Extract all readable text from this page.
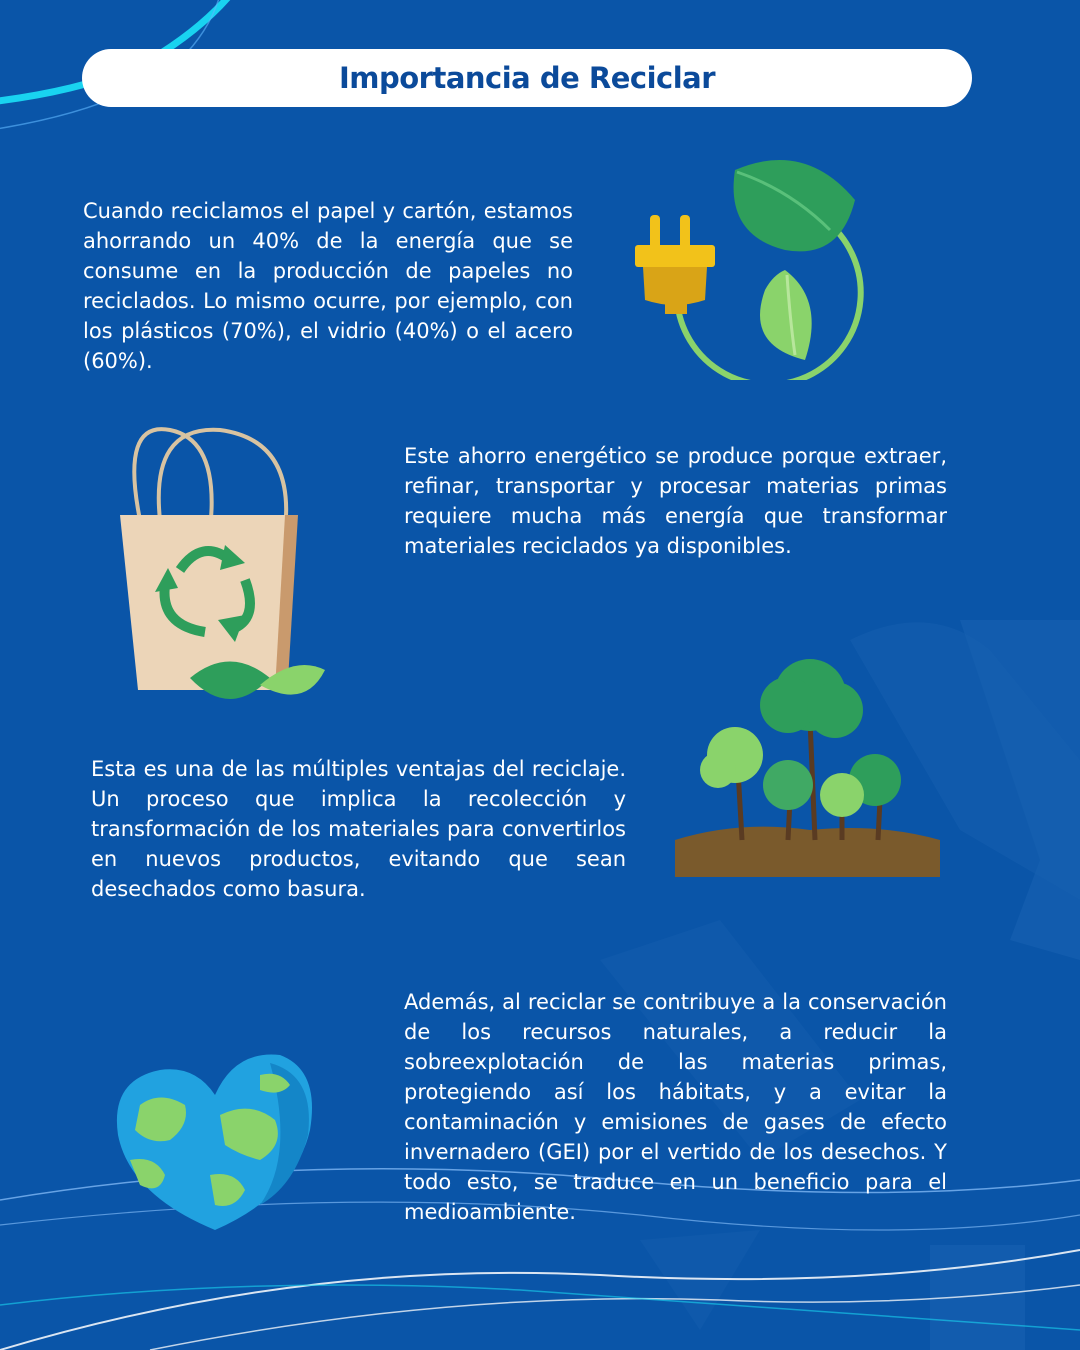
Importancia de Reciclar

Cuando reciclamos el papel y cartón, estamos ahorrando un 40% de la energía que se consume en la producción de papeles no reciclados. Lo mismo ocurre, por ejemplo, con los plásticos (70%), el vidrio (40%) o el acero (60%).

Este ahorro energético se produce porque extraer, refinar, transportar y procesar materias primas requiere mucha más energía que transformar materiales reciclados ya disponibles.

Esta es una de las múltiples ventajas del reciclaje. Un proceso que implica la recolección y transformación de los materiales para convertirlos en nuevos productos, evitando que sean desechados como basura.

Además, al reciclar se contribuye a la conservación de los recursos naturales, a reducir la sobreexplotación de las materias primas, protegiendo así los hábitats, y a evitar la contaminación y emisiones de gases de efecto invernadero (GEI) por el vertido de los desechos. Y todo esto, se traduce en un beneficio para el medioambiente.
